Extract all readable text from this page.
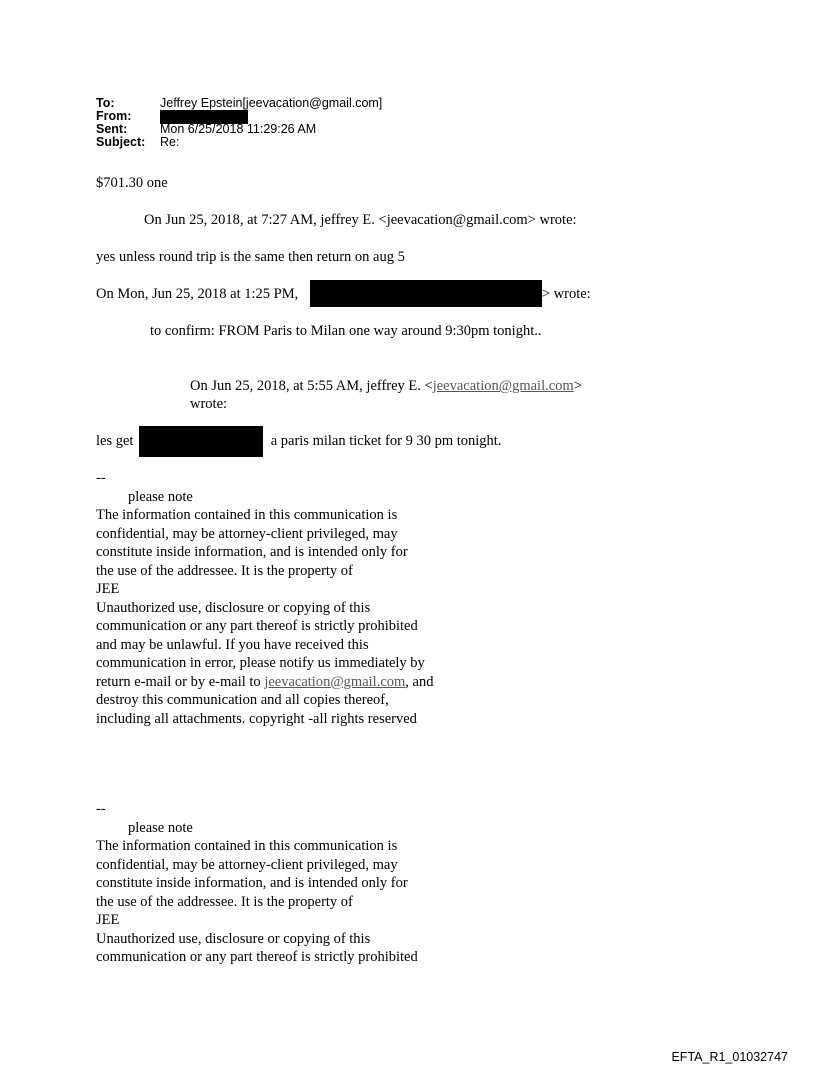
To:	Jeffrey Epstein[jeevacation@gmail.com]
From:
Sent:	Mon 6/25/2018 11:29:26 AM
Subject:	Re:
$701.30 one
On Jun 25, 2018, at 7:27 AM, jeffrey E. <jeevacation@gmail.com> wrote:
yes unless round trip is the same then return on aug 5
On Mon, Jun 25, 2018 at 1:25 PM,	> wrote:
to confirm: FROM Paris to Milan one way around 9:30pm tonight..
On Jun 25, 2018, at 5:55 AM, jeffrey E. <jeevacation@gmail.com>
wrote:
les get	a paris milan ticket for 9 30 pm tonight.
--
please note
The information contained in this communication is
confidential, may be attorney-client privileged, may
constitute inside information, and is intended only for
the use of the addressee. It is the property of
JEE
Unauthorized use, disclosure or copying of this
communication or any part thereof is strictly prohibited
and may be unlawful. If you have received this
communication in error, please notify us immediately by
return e-mail or by e-mail to jeevacation@gmail.com, and
destroy this communication and all copies thereof,
including all attachments. copyright -all rights reserved
--
please note
The information contained in this communication is
confidential, may be attorney-client privileged, may
constitute inside information, and is intended only for
the use of the addressee. It is the property of
JEE
Unauthorized use, disclosure or copying of this
communication or any part thereof is strictly prohibited
EFTA_R1_01032747
